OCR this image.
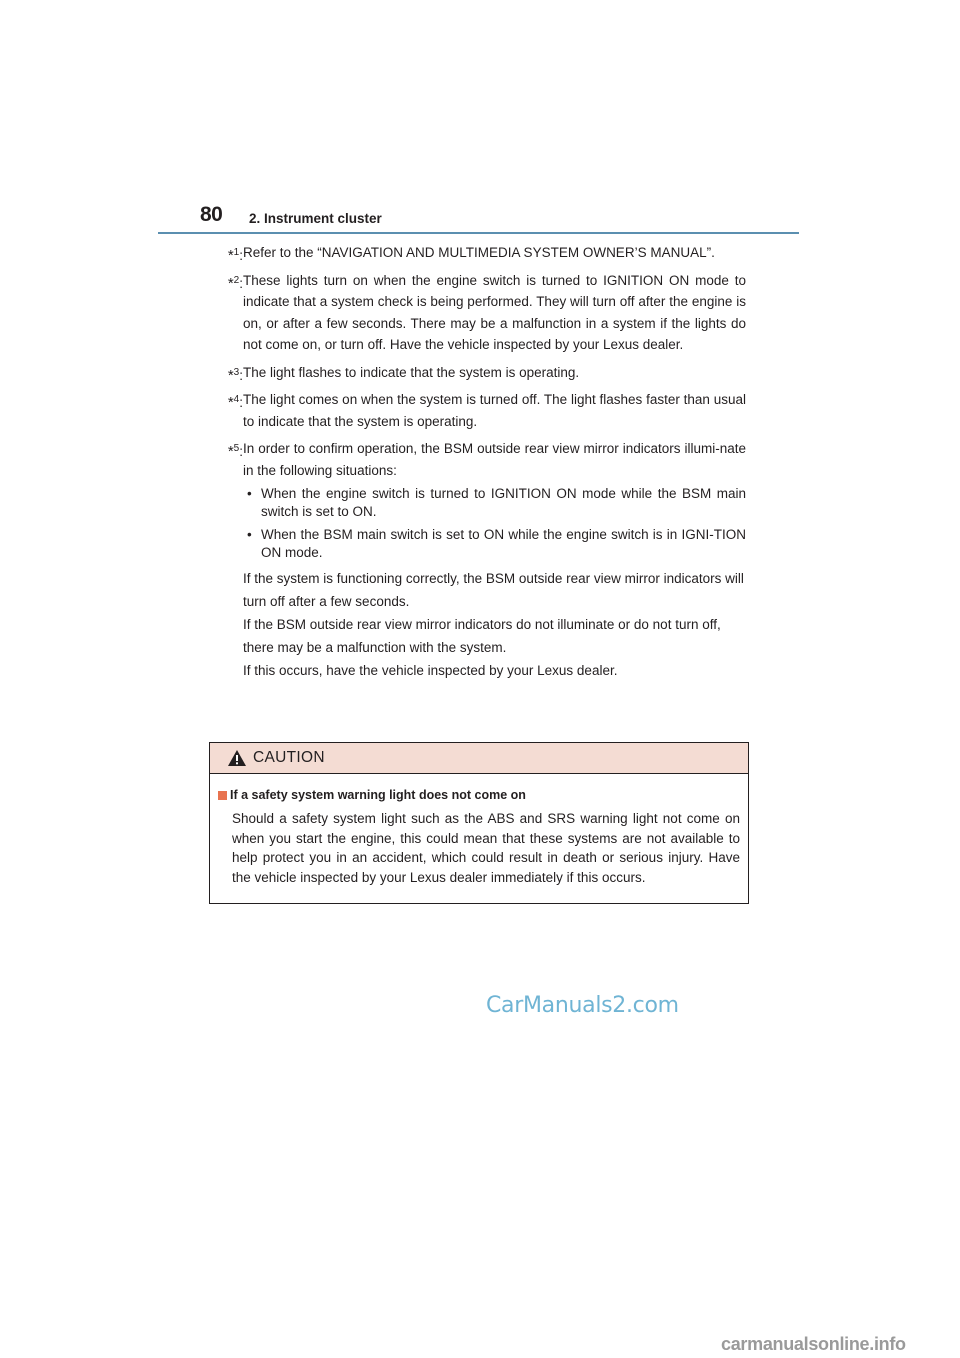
80 2. Instrument cluster
*$^1$: Refer to the “NAVIGATION AND MULTIMEDIA SYSTEM OWNER’S MANUAL”.
*$^2$: These lights turn on when the engine switch is turned to IGNITION ON mode to indicate that a system check is being performed. They will turn off after the engine is on, or after a few seconds. There may be a malfunction in a system if the lights do not come on, or turn off. Have the vehicle inspected by your Lexus dealer.
*$^3$: The light flashes to indicate that the system is operating.
*$^4$: The light comes on when the system is turned off. The light flashes faster than usual to indicate that the system is operating.
*$^5$: In order to confirm operation, the BSM outside rear view mirror indicators illumi-nate in the following situations:
• When the engine switch is turned to IGNITION ON mode while the BSM main switch is set to ON.
• When the BSM main switch is set to ON while the engine switch is in IGNI-TION ON mode.
If the system is functioning correctly, the BSM outside rear view mirror indicators will turn off after a few seconds.
If the BSM outside rear view mirror indicators do not illuminate or do not turn off, there may be a malfunction with the system.
If this occurs, have the vehicle inspected by your Lexus dealer.
CAUTION
If a safety system warning light does not come on
Should a safety system light such as the ABS and SRS warning light not come on when you start the engine, this could mean that these systems are not available to help protect you in an accident, which could result in death or serious injury. Have the vehicle inspected by your Lexus dealer immediately if this occurs.
CarManuals2.com
carmanualsonline.info
